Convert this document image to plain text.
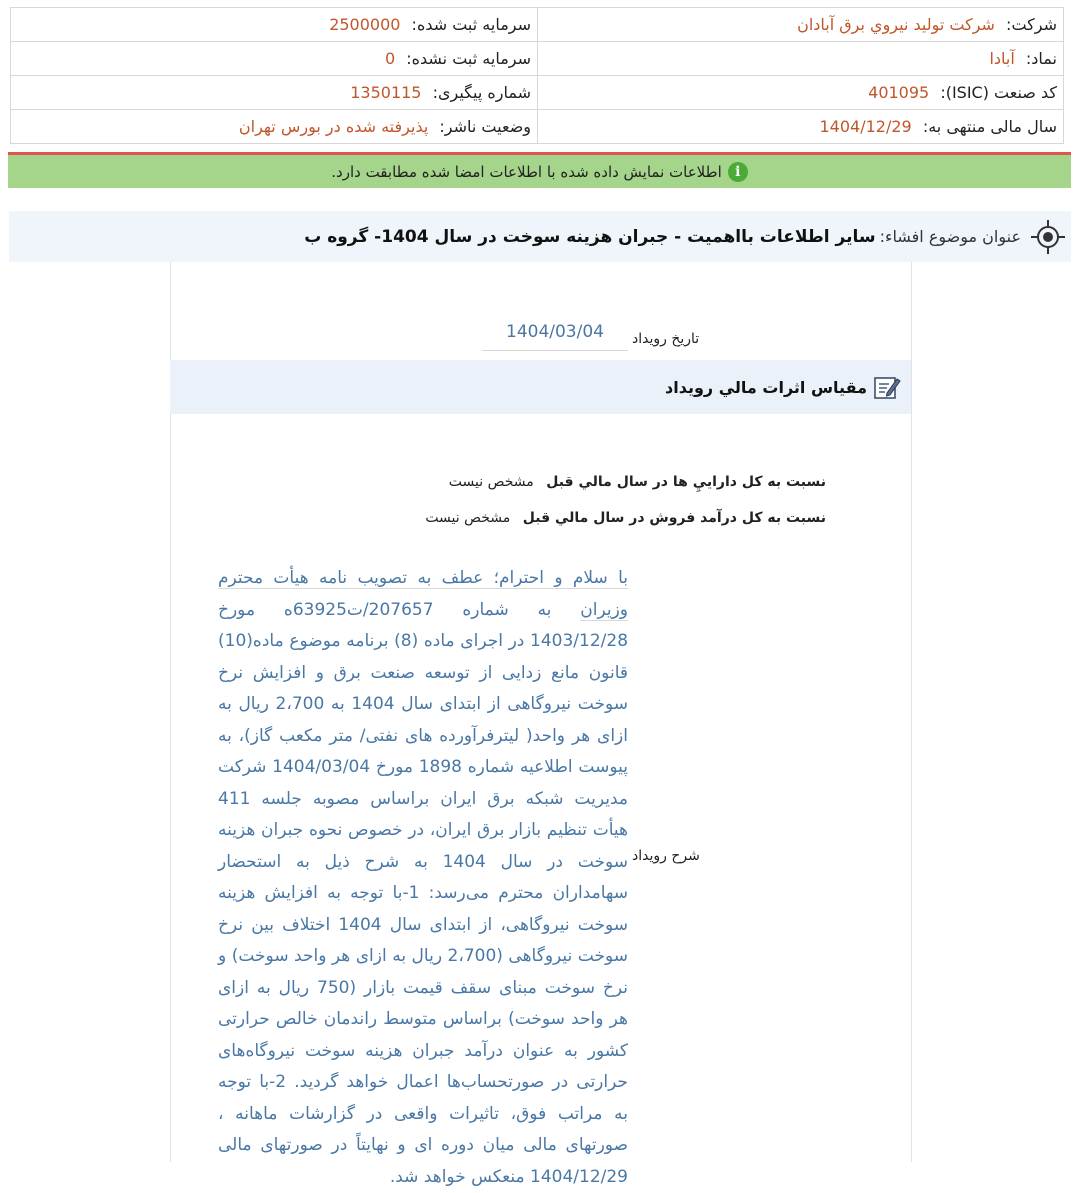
شرکت: شركت توليد نيروي برق آبادان	سرمایه ثبت شده: 2500000
نماد: آبادا	سرمایه ثبت نشده: 0
کد صنعت (ISIC): 401095	شماره پیگیری: 1350115
سال مالی منتهی به: 1404/12/29	وضعیت ناشر: پذیرفته شده در بورس تهران
i
اطلاعات نمایش داده شده با اطلاعات امضا شده مطابقت دارد.
عنوان موضوع افشاء:
ساير اطلاعات بااهميت - جبران هزینه سوخت در سال 1404- گروه ب
تاريخ رويداد
1404/03/04
مقياس اثرات مالي رويداد
نسبت به کل داراييِ ها در سال مالي قبل مشخص نيست
نسبت به کل درآمد فروش در سال مالي قبل مشخص نيست
شرح رويداد
با سلام و احترام؛ عطف به تصویب نامه هیأت محترم وزیران به شماره 207657/ت63925ه مورخ 1403/12/28 در اجرای ماده (8) برنامه موضوع ماده(10) قانون مانع زدایی از توسعه صنعت برق و افزایش نرخ سوخت نیروگاهی از ابتدای سال 1404 به 2،700 ریال به ازای هر واحد( لیترفرآورده های نفتی/ متر مکعب گاز)، به پیوست اطلاعیه شماره 1898 مورخ 1404/03/04 شرکت مدیریت شبکه برق ایران براساس مصوبه جلسه 411 هیأت تنظیم بازار برق ایران، در خصوص نحوه جبران هزینه سوخت در سال 1404 به شرح ذیل به استحضار سهامداران محترم می‌رسد: 1-با توجه به افزایش هزینه سوخت نیروگاهی، از ابتدای سال 1404 اختلاف بین نرخ سوخت نیروگاهی (2،700 ریال به ازای هر واحد سوخت) و نرخ سوخت مبنای سقف قیمت بازار (750 ریال به ازای هر واحد سوخت) براساس متوسط راندمان خالص حرارتی کشور به عنوان درآمد جبران هزینه سوخت نیروگاه‌های حرارتی در صورتحساب‌ها اعمال خواهد گردید. 2-با توجه به مراتب فوق، تاثیرات واقعی در گزارشات ماهانه ، صورتهای مالی میان دوره ای و نهایتاً در صورتهای مالی 1404/12/29 منعکس خواهد شد.
